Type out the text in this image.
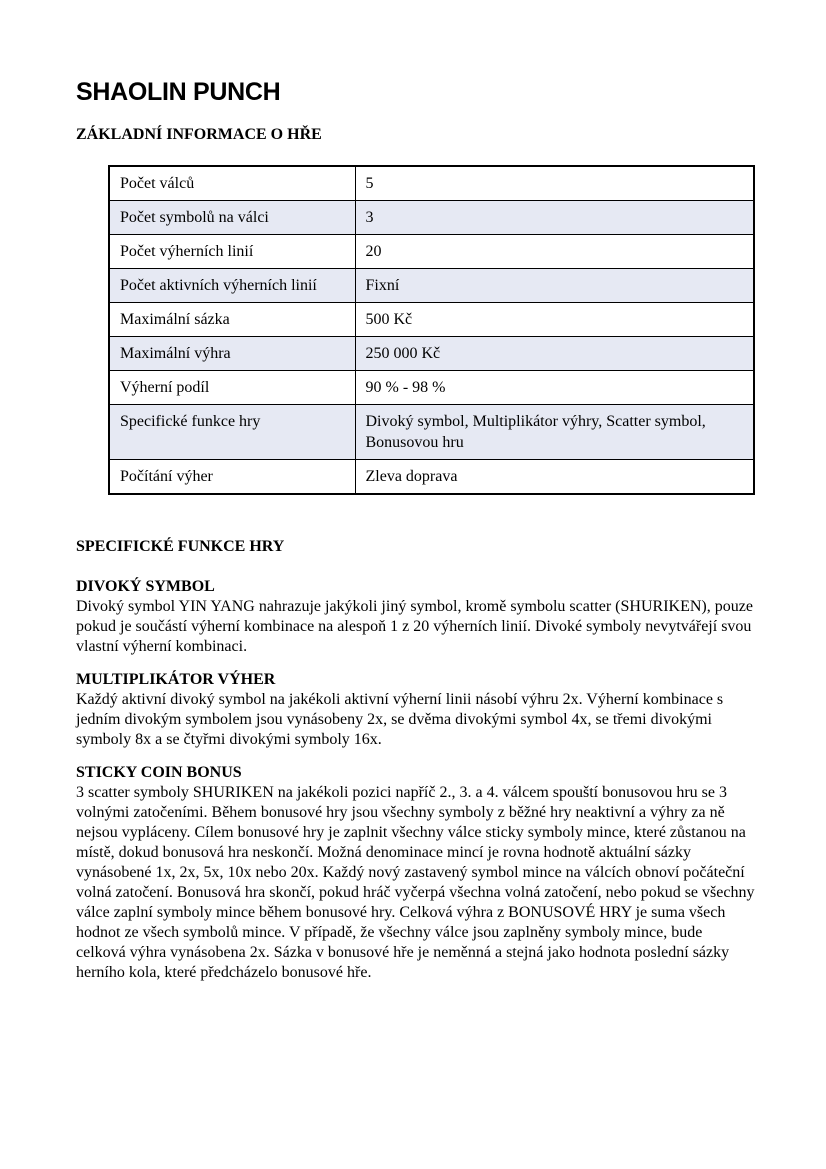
SHAOLIN PUNCH
ZÁKLADNÍ INFORMACE O HŘE
Počet válců	5
Počet symbolů na válci	3
Počet výherních linií	20
Počet aktivních výherních linií	Fixní
Maximální sázka	500 Kč
Maximální výhra	250 000 Kč
Výherní podíl	90 % - 98 %
Specifické funkce hry	Divoký symbol, Multiplikátor výhry, Scatter symbol, Bonusovou hru
Počítání výher	Zleva doprava
SPECIFICKÉ FUNKCE HRY
DIVOKÝ SYMBOL

Divoký symbol YIN YANG nahrazuje jakýkoli jiný symbol, kromě symbolu scatter (SHURIKEN), pouze pokud je součástí výherní kombinace na alespoň 1 z 20 výherních linií. Divoké symboly nevytvářejí svou vlastní výherní kombinaci.

MULTIPLIKÁTOR VÝHER

Každý aktivní divoký symbol na jakékoli aktivní výherní linii násobí výhru 2x. Výherní kombinace s jedním divokým symbolem jsou vynásobeny 2x, se dvěma divokými symbol 4x, se třemi divokými symboly 8x a se čtyřmi divokými symboly 16x.

STICKY COIN BONUS

3 scatter symboly SHURIKEN na jakékoli pozici napříč 2., 3. a 4. válcem spouští bonusovou hru se 3 volnými zatočeními. Během bonusové hry jsou všechny symboly z běžné hry neaktivní a výhry za ně nejsou vypláceny. Cílem bonusové hry je zaplnit všechny válce sticky symboly mince, které zůstanou na místě, dokud bonusová hra neskončí. Možná denominace mincí je rovna hodnotě aktuální sázky vynásobené 1x, 2x, 5x, 10x nebo 20x. Každý nový zastavený symbol mince na válcích obnoví počáteční volná zatočení. Bonusová hra skončí, pokud hráč vyčerpá všechna volná zatočení, nebo pokud se všechny válce zaplní symboly mince během bonusové hry. Celková výhra z BONUSOVÉ HRY je suma všech hodnot ze všech symbolů mince. V případě, že všechny válce jsou zaplněny symboly mince, bude celková výhra vynásobena 2x. Sázka v bonusové hře je neměnná a stejná jako hodnota poslední sázky herního kola, které předcházelo bonusové hře.
